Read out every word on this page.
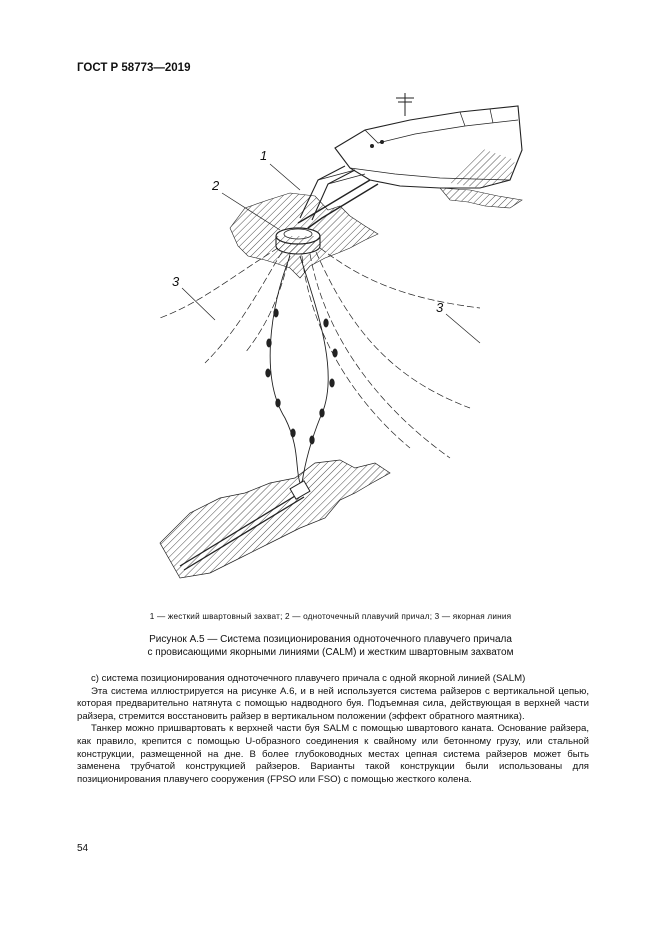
ГОСТ Р 58773—2019
1
2
3
3
1 — жесткий швартовный захват; 2 — одноточечный плавучий причал; 3 — якорная линия
Рисунок А.5 — Система позиционирования одноточечного плавучего причала
с провисающими якорными линиями (CALM) и жестким швартовным захватом

c) система позиционирования одноточечного плавучего причала с одной якорной линией (SALM)

Эта система иллюстрируется на рисунке А.6, и в ней используется система райзеров с вертикальной цепью, которая предварительно натянута с помощью надводного буя. Подъемная сила, действующая в верхней части райзера, стремится восстановить райзер в вертикальном положении (эффект обратного маятника).

Танкер можно пришвартовать к верхней части буя SALM с помощью швартового каната. Основание райзера, как правило, крепится с помощью U-образного соединения к свайному или бетонному грузу, или стальной конструкции, размещенной на дне. В более глубоководных местах цепная система райзеров может быть заменена трубчатой конструкцией райзеров. Варианты такой конструкции были использованы для позиционирования плавучего сооружения (FPSO или FSO) с помощью жесткого колена.

54
